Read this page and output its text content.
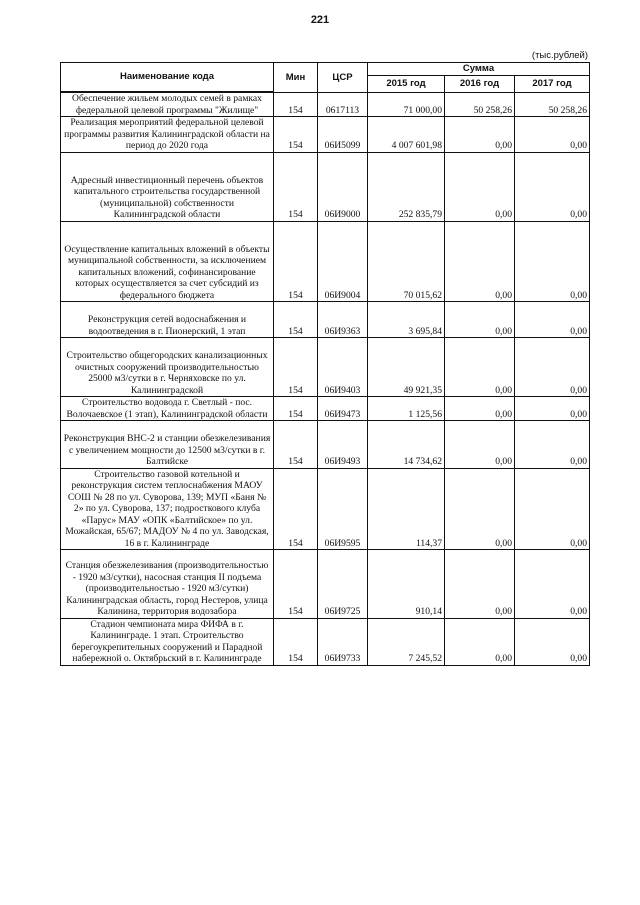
221
(тыс.рублей)
Наименование кода	Мин	ЦСР	Сумма		
			2015 год	2016 год	2017 год

Обеспечение жильем молодых семей в рамках федеральной целевой программы "Жилище"	154	0617113	71 000,00	50 258,26	50 258,26
Реализация мероприятий федеральной целевой программы развития Калининградской области на период до 2020 года	154	06И5099	4 007 601,98	0,00	0,00
Адресный инвестиционный перечень объектов капитального строительства государственной (муниципальной) собственности Калининградской области	154	06И9000	252 835,79	0,00	0,00
Осуществление капитальных вложений в объекты муниципальной собственности, за исключением капитальных вложений, софинансирование которых осуществляется за счет субсидий из федерального бюджета	154	06И9004	70 015,62	0,00	0,00
Реконструкция сетей водоснабжения и водоотведения в г. Пионерский, 1 этап	154	06И9363	3 695,84	0,00	0,00
Строительство общегородских канализационных очистных сооружений производительностью 25000 м3/сутки в г. Черняховске по ул. Калининградской	154	06И9403	49 921,35	0,00	0,00
Строительство водовода г. Светлый - пос. Волочаевское (1 этап), Калининградской области	154	06И9473	1 125,56	0,00	0,00
Реконструкция ВНС-2 и станции обезжелезивания с увеличением мощности до 12500 м3/сутки в г. Балтийске	154	06И9493	14 734,62	0,00	0,00
Строительство газовой котельной и реконструкция систем теплоснабжения МАОУ СОШ № 28 по ул. Суворова, 139; МУП «Баня № 2» по ул. Суворова, 137; подросткового клуба «Парус» МАУ «ОПК «Балтийское» по ул. Можайская, 65/67; МАДОУ № 4 по ул. Заводская, 16 в г. Калининграде	154	06И9595	114,37	0,00	0,00
Станция обезжелезивания (производительностью - 1920 м3/сутки), насосная станция II подъема (производительностью - 1920 м3/сутки) Калининградская область, город Нестеров, улица Калинина, территория водозабора	154	06И9725	910,14	0,00	0,00
Стадион чемпионата мира ФИФА в г. Калининграде. 1 этап. Строительство берегоукрепительных сооружений и Парадной набережной о. Октябрьский в г. Калининграде	154	06И9733	7 245,52	0,00	0,00
